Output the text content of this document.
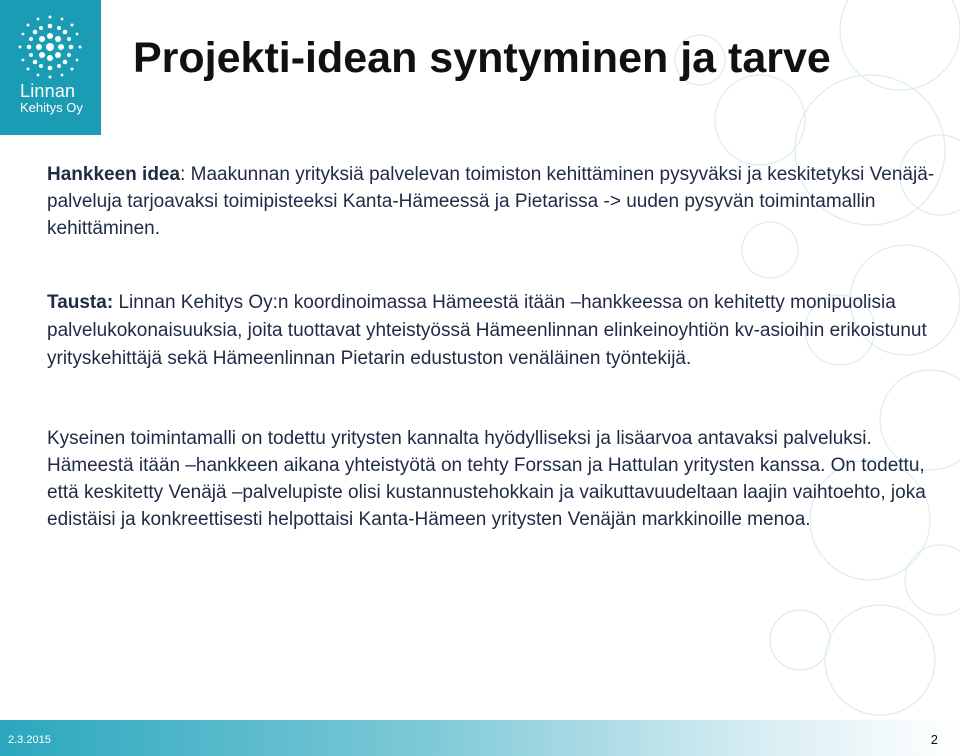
Linnan
Kehitys Oy
Projekti-idean syntyminen ja tarve

Hankkeen idea: Maakunnan yrityksiä palvelevan toimiston kehittäminen pysyväksi ja keskitetyksi Venäjä-palveluja tarjoavaksi toimipisteeksi Kanta-Hämeessä ja Pietarissa -> uuden pysyvän toimintamallin kehittäminen.

Tausta: Linnan Kehitys Oy:n koordinoimassa Hämeestä itään –hankkeessa on kehitetty monipuolisia palvelukokonaisuuksia, joita tuottavat yhteistyössä Hämeenlinnan elinkeinoyhtiön kv-asioihin erikoistunut yrityskehittäjä sekä Hämeenlinnan Pietarin edustuston venäläinen työntekijä.

Kyseinen toimintamalli on todettu yritysten kannalta hyödylliseksi ja lisäarvoa antavaksi palveluksi. Hämeestä itään –hankkeen aikana yhteistyötä on tehty Forssan ja Hattulan yritysten kanssa. On todettu, että keskitetty Venäjä –palvelupiste olisi kustannustehokkain ja vaikuttavuudeltaan laajin vaihtoehto, joka edistäisi ja konkreettisesti helpottaisi Kanta-Hämeen yritysten Venäjän markkinoille menoa.

2.3.2015	2
